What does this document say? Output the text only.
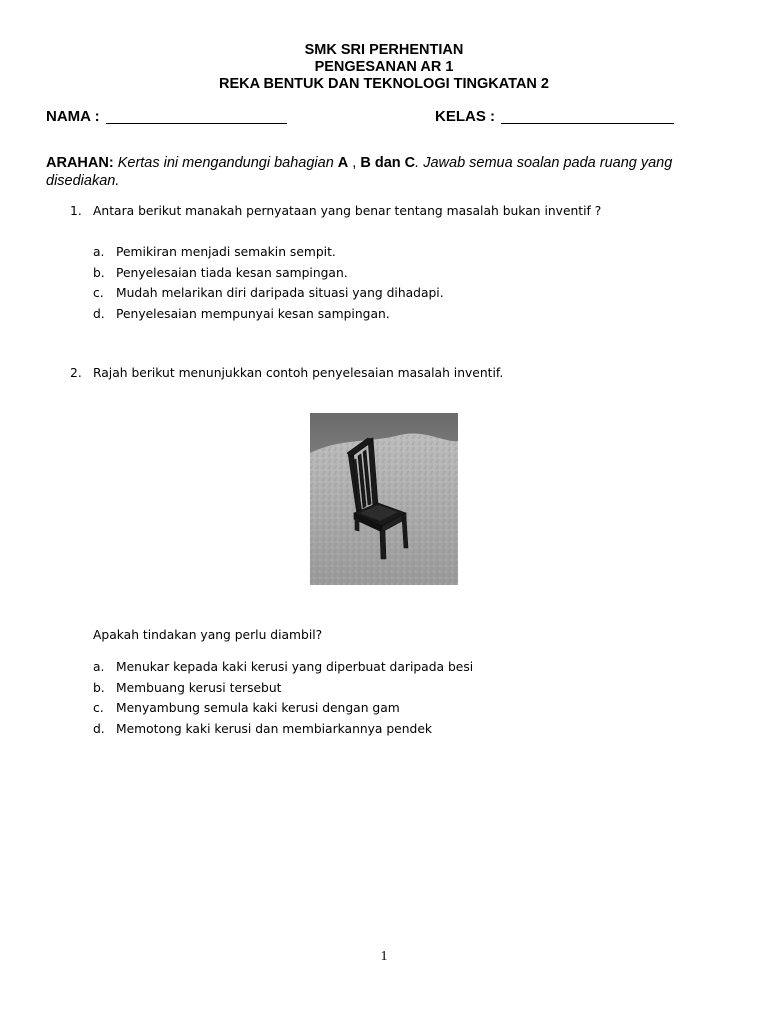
SMK SRI PERHENTIAN
PENGESANAN AR 1
REKA BENTUK DAN TEKNOLOGI TINGKATAN 2
NAMA :	KELAS :
ARAHAN: Kertas ini mengandungi bahagian A , B dan C. Jawab semua soalan pada ruang yang disediakan.
1. Antara berikut manakah pernyataan yang benar tentang masalah bukan inventif ?
a. Pemikiran menjadi semakin sempit.
b. Penyelesaian tiada kesan sampingan.
c. Mudah melarikan diri daripada situasi yang dihadapi.
d. Penyelesaian mempunyai kesan sampingan.
2. Rajah berikut menunjukkan contoh penyelesaian masalah inventif.
Apakah tindakan yang perlu diambil?
a. Menukar kepada kaki kerusi yang diperbuat daripada besi
b. Membuang kerusi tersebut
c. Menyambung semula kaki kerusi dengan gam
d. Memotong kaki kerusi dan membiarkannya pendek
1
